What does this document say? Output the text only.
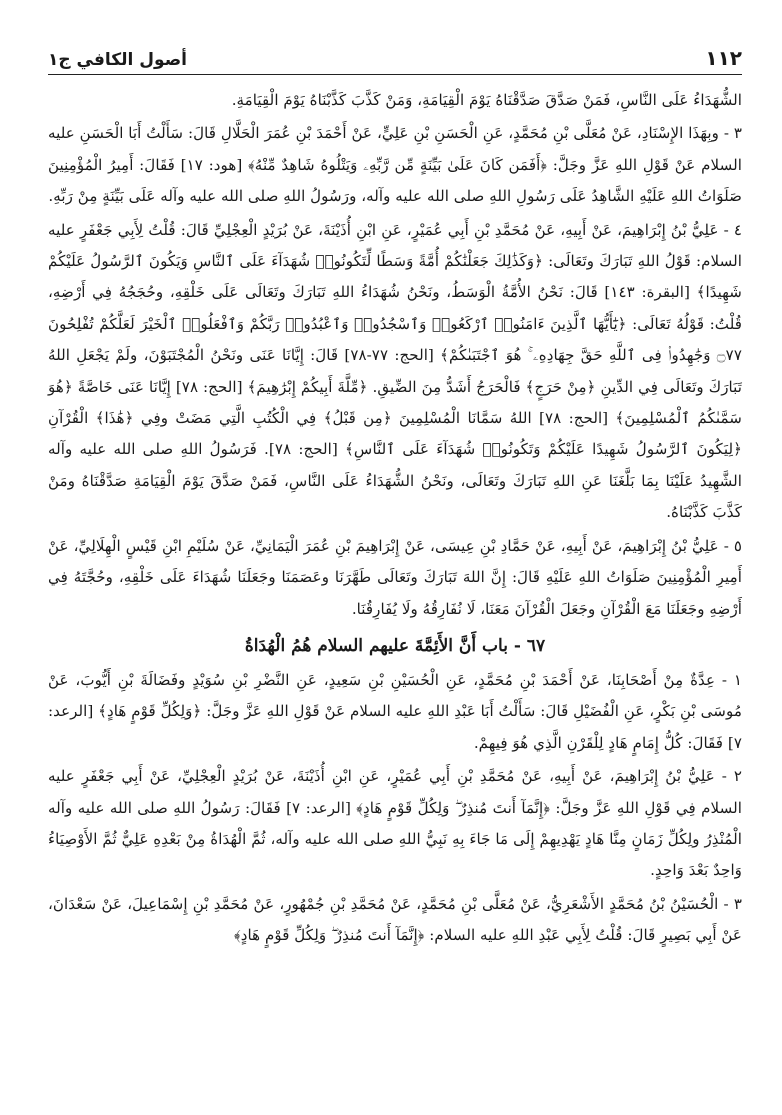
١١٢
أصول الكافي ج١

الشُّهَدَاءُ عَلَى النَّاسِ، فَمَنْ صَدَّقَ صَدَّقْنَاهُ يَوْمَ الْقِيَامَةِ، وَمَنْ كَذَّبَ كَذَّبْنَاهُ يَوْمَ الْقِيَامَةِ.

٣ - وبِهَذَا الإِسْنَادِ، عَنْ مُعَلَّى بْنِ مُحَمَّدٍ، عَنِ الْحَسَنِ بْنِ عَلِيٍّ، عَنْ أَحْمَدَ بْنِ عُمَرَ الْحَلَّالِ قَالَ: سَأَلْتُ أَبَا الْحَسَنِ عليه السلام عَنْ قَوْلِ اللهِ عَزَّ وجَلَّ: ﴿أَفَمَن كَانَ عَلَىٰ بَيِّنَةٍ مِّن رَّبِّهِۦ وَيَتْلُوهُ شَاهِدٌ مِّنْهُ﴾ [هود: ١٧] فَقَالَ: أَمِيرُ الْمُؤْمِنِينَ صَلَوَاتُ اللهِ عَلَيْهِ الشَّاهِدُ عَلَى رَسُولِ اللهِ صلى الله عليه وآله، ورَسُولُ اللهِ صلى الله عليه وآله عَلَى بَيِّنَةٍ مِنْ رَبِّهِ.

٤ - عَلِيُّ بْنُ إِبْرَاهِيمَ، عَنْ أَبِيهِ، عَنْ مُحَمَّدِ بْنِ أَبِي عُمَيْرٍ، عَنِ ابْنِ أُذَيْنَةَ، عَنْ بُرَيْدٍ الْعِجْلِيِّ قَالَ: قُلْتُ لِأَبِي جَعْفَرٍ عليه السلام: قَوْلُ اللهِ تَبَارَكَ وتَعَالَى: ﴿وَكَذَٰلِكَ جَعَلْنَٰكُمْ أُمَّةً وَسَطًا لِّتَكُونُوا۟ شُهَدَآءَ عَلَى ٱلنَّاسِ وَيَكُونَ ٱلرَّسُولُ عَلَيْكُمْ شَهِيدًا﴾ [البقرة: ١٤٣] قَالَ: نَحْنُ الأُمَّةُ الْوَسَطُ، ونَحْنُ شُهَدَاءُ اللهِ تَبَارَكَ وتَعَالَى عَلَى خَلْقِهِ، وحُجَجُهُ فِي أَرْضِهِ، قُلْتُ: قَوْلُهُ تَعَالَى: ﴿يَٰٓأَيُّهَا ٱلَّذِينَ ءَامَنُوا۟ ٱرْكَعُوا۟ وَٱسْجُدُوا۟ وَٱعْبُدُوا۟ رَبَّكُمْ وَٱفْعَلُوا۟ ٱلْخَيْرَ لَعَلَّكُمْ تُفْلِحُونَ ۝٧٧ وَجَٰهِدُوا۟ فِى ٱللَّهِ حَقَّ جِهَادِهِۦ ۚ هُوَ ٱجْتَبَىٰكُمْ﴾ [الحج: ٧٧-٧٨] قَالَ: إِيَّانَا عَنَى ونَحْنُ الْمُجْتَبَوْنَ، ولَمْ يَجْعَلِ اللهُ تَبَارَكَ وتَعَالَى فِي الدِّينِ ﴿مِنْ حَرَجٍ﴾ فَالْحَرَجُ أَشَدُّ مِنَ الضِّيقِ. ﴿مِّلَّةَ أَبِيكُمْ إِبْرَٰهِيمَ﴾ [الحج: ٧٨] إِيَّانَا عَنَى خَاصَّةً ﴿هُوَ سَمَّىٰكُمُ ٱلْمُسْلِمِينَ﴾ [الحج: ٧٨] اللهُ سَمَّانَا الْمُسْلِمِينَ ﴿مِن قَبْلُ﴾ فِي الْكُتُبِ الَّتِي مَضَتْ وفِي ﴿هَٰذَا﴾ الْقُرْآنِ ﴿لِيَكُونَ ٱلرَّسُولُ شَهِيدًا عَلَيْكُمْ وَتَكُونُوا۟ شُهَدَآءَ عَلَى ٱلنَّاسِ﴾ [الحج: ٧٨]. فَرَسُولُ اللهِ صلى الله عليه وآله الشَّهِيدُ عَلَيْنَا بِمَا بَلَّغَنَا عَنِ اللهِ تَبَارَكَ وتَعَالَى، ونَحْنُ الشُّهَدَاءُ عَلَى النَّاسِ، فَمَنْ صَدَّقَ يَوْمَ الْقِيَامَةِ صَدَّقْنَاهُ ومَنْ كَذَّبَ كَذَّبْنَاهُ.

٥ - عَلِيُّ بْنُ إِبْرَاهِيمَ، عَنْ أَبِيهِ، عَنْ حَمَّادِ بْنِ عِيسَى، عَنْ إِبْرَاهِيمَ بْنِ عُمَرَ الْيَمَانِيِّ، عَنْ سُلَيْمِ ابْنِ قَيْسٍ الْهِلَالِيِّ، عَنْ أَمِيرِ الْمُؤْمِنِينَ صَلَوَاتُ اللهِ عَلَيْهِ قَالَ: إِنَّ اللهَ تَبَارَكَ وتَعَالَى طَهَّرَنَا وعَصَمَنَا وجَعَلَنَا شُهَدَاءَ عَلَى خَلْقِهِ، وحُجَّتَهُ فِي أَرْضِهِ وجَعَلَنَا مَعَ الْقُرْآنِ وجَعَلَ الْقُرْآنَ مَعَنَا، لَا نُفَارِقُهُ ولَا يُفَارِقُنَا.

٦٧ - باب أَنَّ الأَئِمَّةَ عليهم السلام هُمُ الْهُدَاةُ

١ - عِدَّةٌ مِنْ أَصْحَابِنَا، عَنْ أَحْمَدَ بْنِ مُحَمَّدٍ، عَنِ الْحُسَيْنِ بْنِ سَعِيدٍ، عَنِ النَّضْرِ بْنِ سُوَيْدٍ وفَضَالَةَ بْنِ أَيُّوبَ، عَنْ مُوسَى بْنِ بَكْرٍ، عَنِ الْفُضَيْلِ قَالَ: سَأَلْتُ أَبَا عَبْدِ اللهِ عليه السلام عَنْ قَوْلِ اللهِ عَزَّ وجَلَّ: ﴿وَلِكُلِّ قَوْمٍ هَادٍ﴾ [الرعد: ٧] فَقَالَ: كُلُّ إِمَامٍ هَادٍ لِلْقَرْنِ الَّذِي هُوَ فِيهِمْ.

٢ - عَلِيُّ بْنُ إِبْرَاهِيمَ، عَنْ أَبِيهِ، عَنْ مُحَمَّدِ بْنِ أَبِي عُمَيْرٍ، عَنِ ابْنِ أُذَيْنَةَ، عَنْ بُرَيْدٍ الْعِجْلِيِّ، عَنْ أَبِي جَعْفَرٍ عليه السلام فِي قَوْلِ اللهِ عَزَّ وجَلَّ: ﴿إِنَّمَآ أَنتَ مُنذِرٌ ۖ وَلِكُلِّ قَوْمٍ هَادٍ﴾ [الرعد: ٧] فَقَالَ: رَسُولُ اللهِ صلى الله عليه وآله الْمُنْذِرُ ولِكُلِّ زَمَانٍ مِنَّا هَادٍ يَهْدِيهِمْ إِلَى مَا جَاءَ بِهِ نَبِيُّ اللهِ صلى الله عليه وآله، ثُمَّ الْهُدَاةُ مِنْ بَعْدِهِ عَلِيٌّ ثُمَّ الأَوْصِيَاءُ وَاحِدٌ بَعْدَ وَاحِدٍ.

٣ - الْحُسَيْنُ بْنُ مُحَمَّدٍ الأَشْعَرِيُّ، عَنْ مُعَلَّى بْنِ مُحَمَّدٍ، عَنْ مُحَمَّدِ بْنِ جُمْهُورٍ، عَنْ مُحَمَّدِ بْنِ إِسْمَاعِيلَ، عَنْ سَعْدَانَ، عَنْ أَبِي بَصِيرٍ قَالَ: قُلْتُ لِأَبِي عَبْدِ اللهِ عليه السلام: ﴿إِنَّمَآ أَنتَ مُنذِرٌ ۖ وَلِكُلِّ قَوْمٍ هَادٍ﴾
